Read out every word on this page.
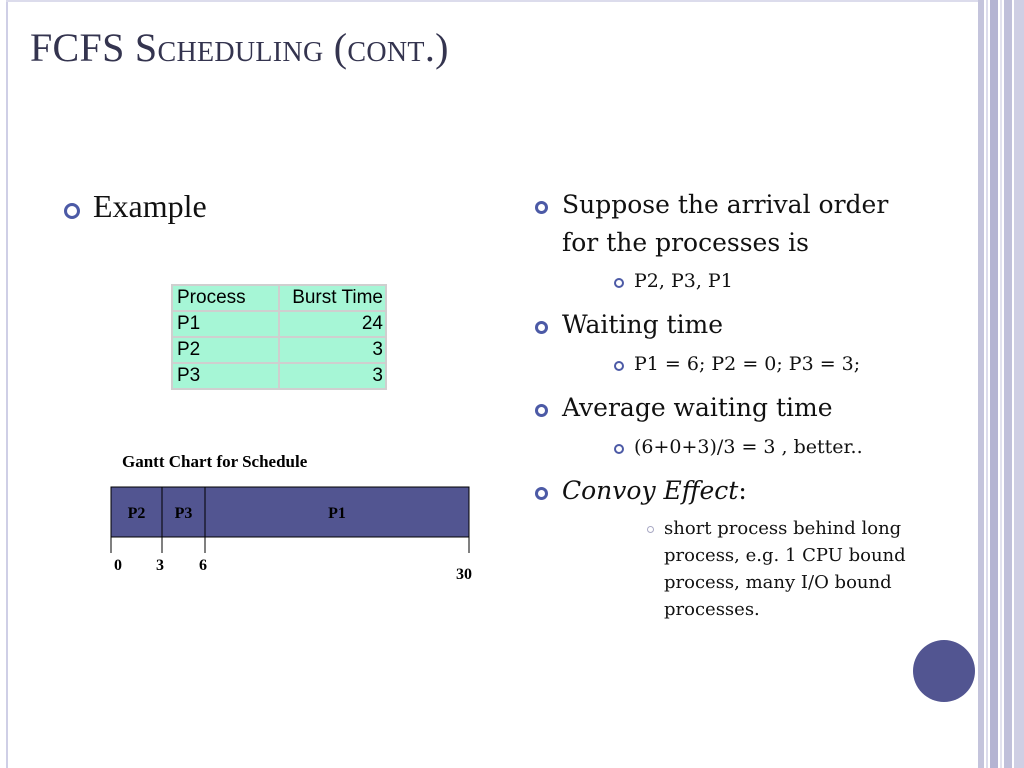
FCFS Scheduling (cont.)
Example
Process	Burst Time
P1	24
P2	3
P3	3
Gantt Chart for Schedule
P2 P3	P1
0 3 6
30
Suppose the arrival order
for the processes is
P2, P3, P1
Waiting time
P1 = 6; P2 = 0; P3 = 3;
Average waiting time
(6+0+3)/3 = 3 , better..
Convoy Effect:
short process behind long
process, e.g. 1 CPU bound
process, many I/O bound
processes.
